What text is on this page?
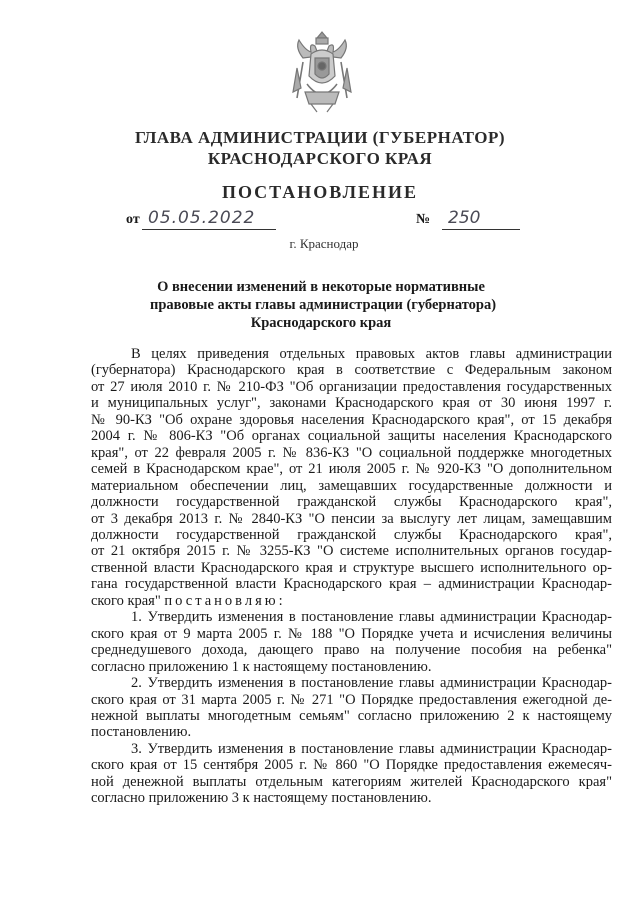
ГЛАВА АДМИНИСТРАЦИИ (ГУБЕРНАТОР)
КРАСНОДАРСКОГО КРАЯ
ПОСТАНОВЛЕНИЕ
от 05.05.2022	№ 250
г. Краснодар
О внесении изменений в некоторые нормативные
правовые акты главы администрации (губернатора)
Краснодарского края
В целях приведения отдельных правовых актов главы администрации
(губернатора) Краснодарского края в соответствие с Федеральным законом
от 27 июля 2010 г. № 210-ФЗ "Об организации предоставления государственных
и муниципальных услуг", законами Краснодарского края от 30 июня 1997 г.
№ 90-КЗ "Об охране здоровья населения Краснодарского края", от 15 декабря
2004 г. № 806-КЗ "Об органах социальной защиты населения Краснодарского
края", от 22 февраля 2005 г. № 836-КЗ "О социальной поддержке многодетных
семей в Краснодарском крае", от 21 июля 2005 г. № 920-КЗ "О дополнительном
материальном обеспечении лиц, замещавших государственные должности и
должности государственной гражданской службы Краснодарского края",
от 3 декабря 2013 г. № 2840-КЗ "О пенсии за выслугу лет лицам, замещавшим
должности государственной гражданской службы Краснодарского края",
от 21 октября 2015 г. № 3255-КЗ "О системе исполнительных органов государ-
ственной власти Краснодарского края и структуре высшего исполнительного ор-
гана государственной власти Краснодарского края – администрации Краснодар-
ского края" постановляю:
1. Утвердить изменения в постановление главы администрации Краснодар-
ского края от 9 марта 2005 г. № 188 "О Порядке учета и исчисления величины
среднедушевого дохода, дающего право на получение пособия на ребенка"
согласно приложению 1 к настоящему постановлению.
2. Утвердить изменения в постановление главы администрации Краснодар-
ского края от 31 марта 2005 г. № 271 "О Порядке предоставления ежегодной де-
нежной выплаты многодетным семьям" согласно приложению 2 к настоящему
постановлению.
3. Утвердить изменения в постановление главы администрации Краснодар-
ского края от 15 сентября 2005 г. № 860 "О Порядке предоставления ежемесяч-
ной денежной выплаты отдельным категориям жителей Краснодарского края"
согласно приложению 3 к настоящему постановлению.
